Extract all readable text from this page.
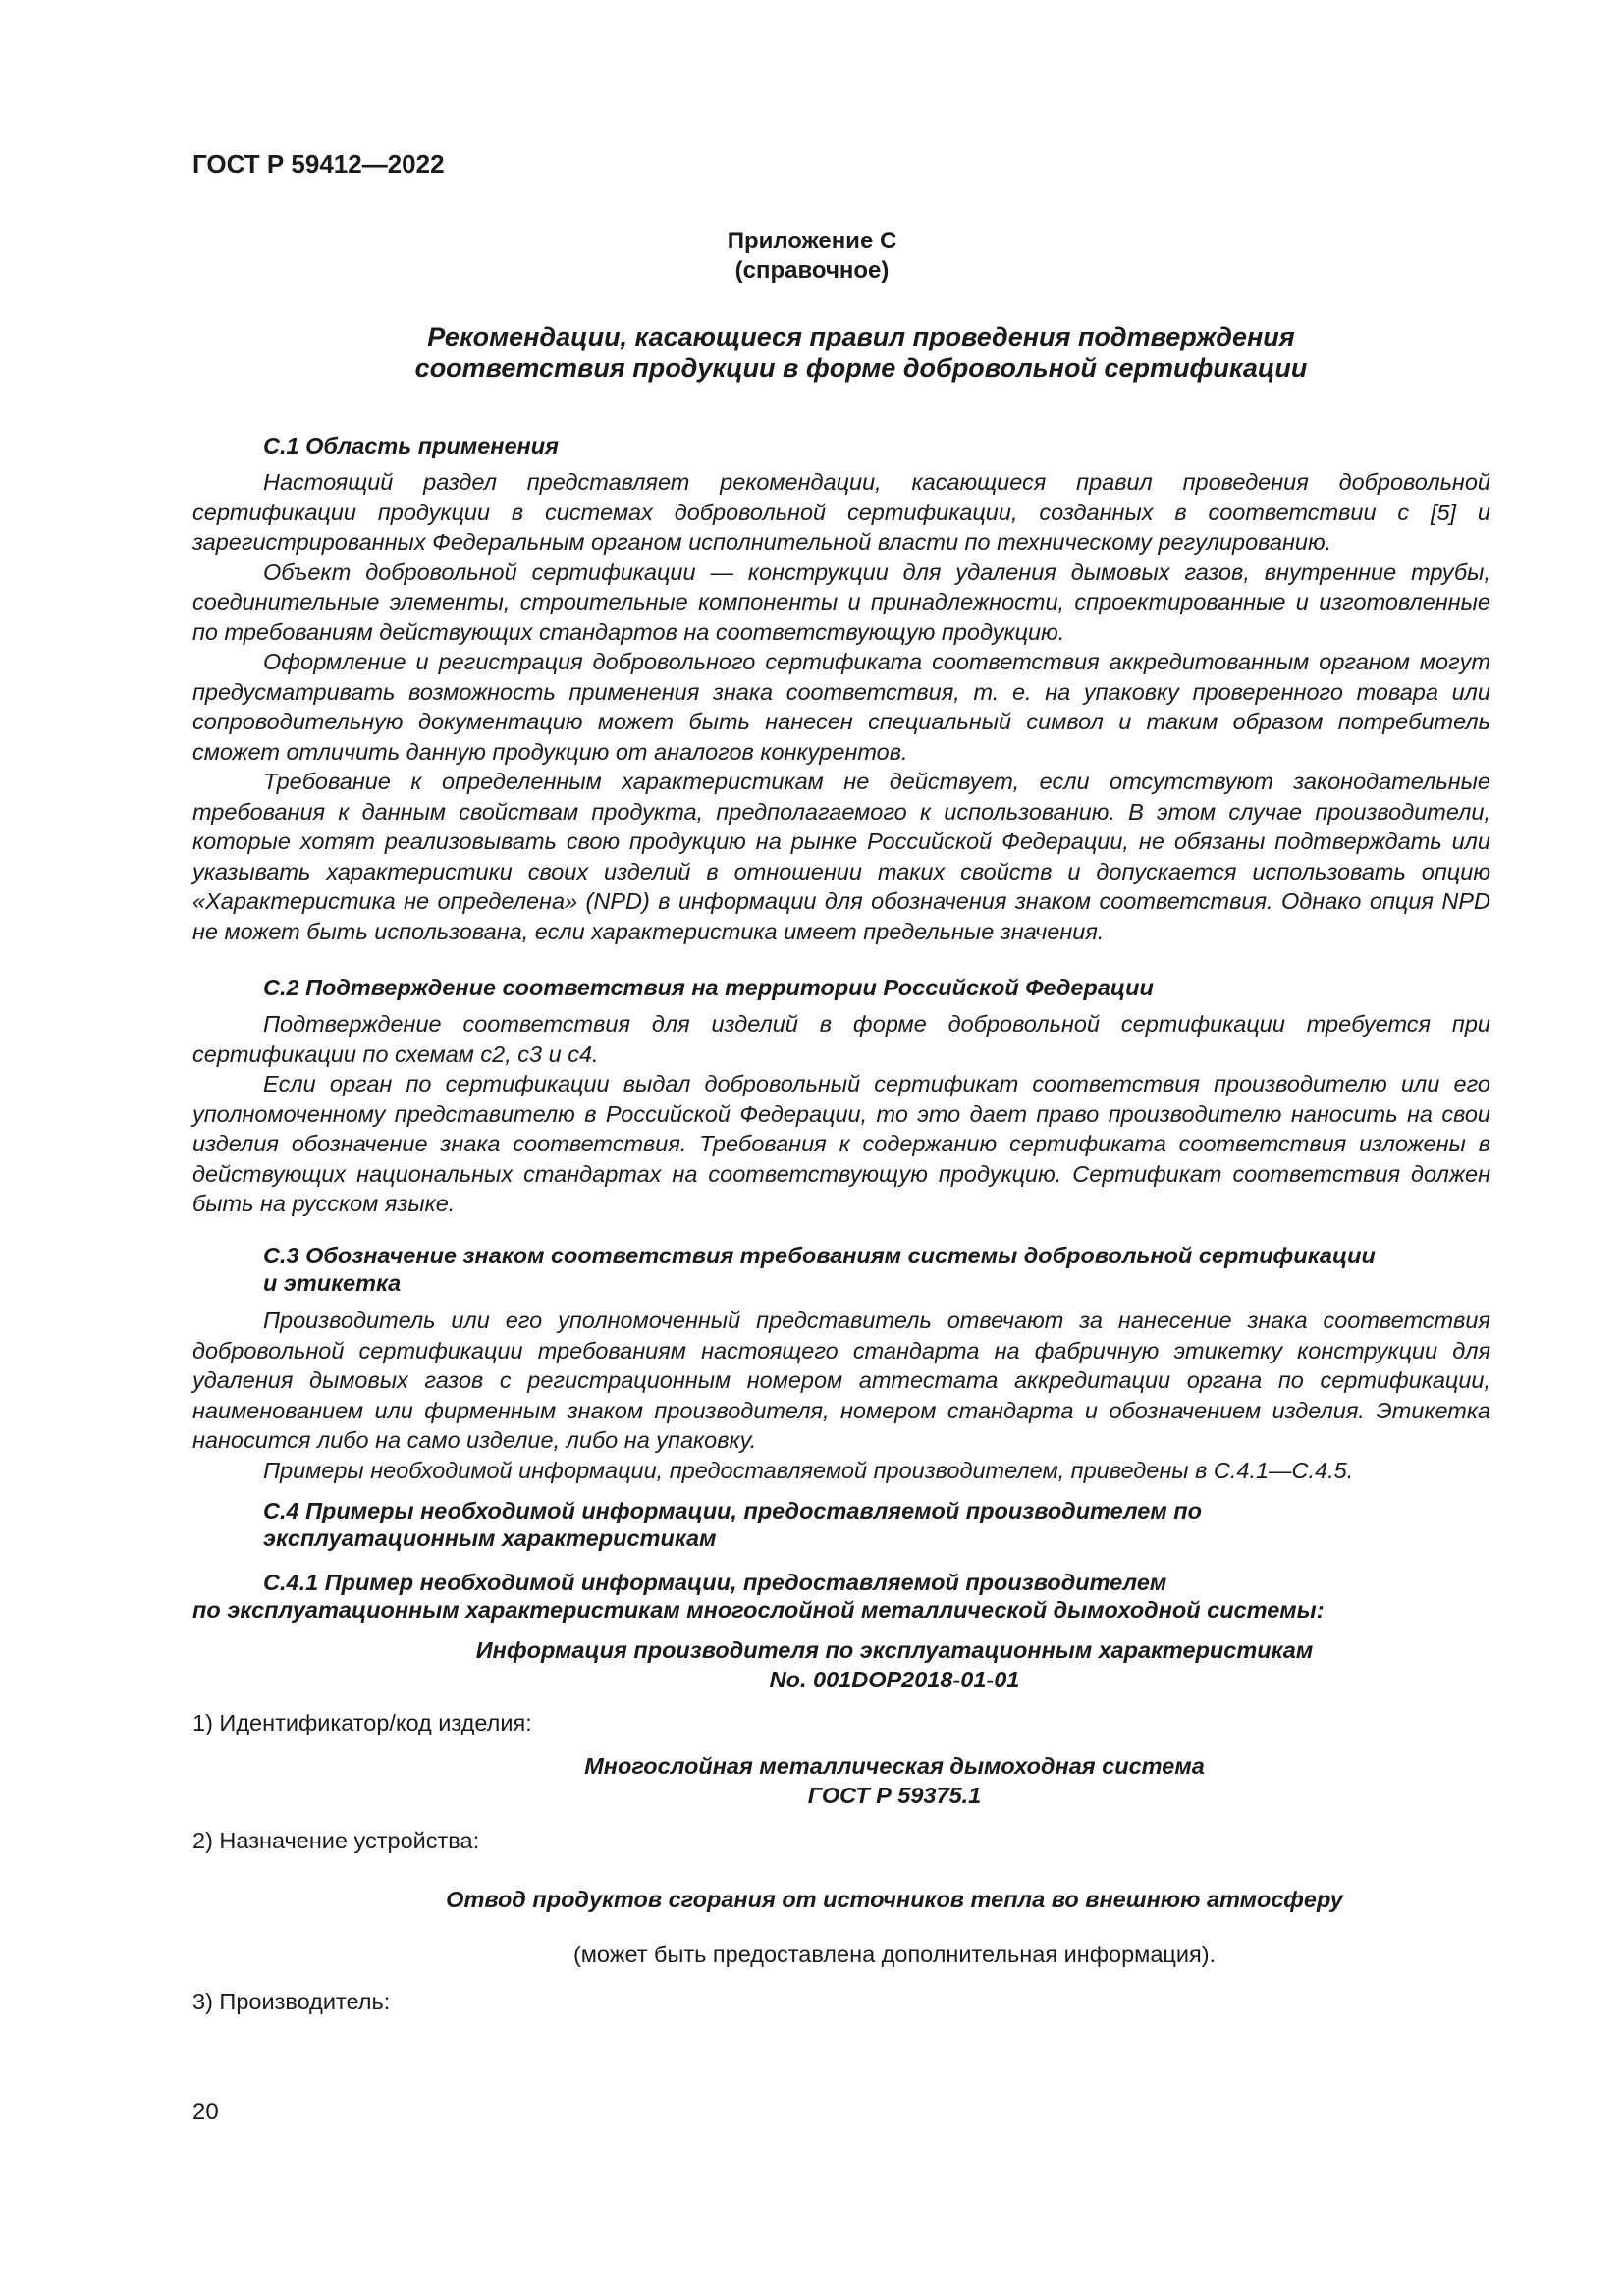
ГОСТ Р 59412—2022
Приложение С
(справочное)
Рекомендации, касающиеся правил проведения подтверждения
соответствия продукции в форме добровольной сертификации
С.1 Область применения

Настоящий раздел представляет рекомендации, касающиеся правил проведения добровольной сертификации продукции в системах добровольной сертификации, созданных в соответствии с [5] и зарегистрированных Федеральным органом исполнительной власти по техническому регулированию.

Объект добровольной сертификации — конструкции для удаления дымовых газов, внутренние трубы, соединительные элементы, строительные компоненты и принадлежности, спроектированные и изготовленные по требованиям действующих стандартов на соответствующую продукцию.

Оформление и регистрация добровольного сертификата соответствия аккредитованным органом могут предусматривать возможность применения знака соответствия, т. е. на упаковку проверенного товара или сопроводительную документацию может быть нанесен специальный символ и таким образом потребитель сможет отличить данную продукцию от аналогов конкурентов.

Требование к определенным характеристикам не действует, если отсутствуют законодательные требования к данным свойствам продукта, предполагаемого к использованию. В этом случае производители, которые хотят реализовывать свою продукцию на рынке Российской Федерации, не обязаны подтверждать или указывать характеристики своих изделий в отношении таких свойств и допускается использовать опцию «Характеристика не определена» (NPD) в информации для обозначения знаком соответствия. Однако опция NPD не может быть использована, если характеристика имеет предельные значения.

С.2 Подтверждение соответствия на территории Российской Федерации

Подтверждение соответствия для изделий в форме добровольной сертификации требуется при сертификации по схемам с2, с3 и с4.

Если орган по сертификации выдал добровольный сертификат соответствия производителю или его уполномоченному представителю в Российской Федерации, то это дает право производителю наносить на свои изделия обозначение знака соответствия. Требования к содержанию сертификата соответствия изложены в действующих национальных стандартах на соответствующую продукцию. Сертификат соответствия должен быть на русском языке.

С.3 Обозначение знаком соответствия требованиям системы добровольной сертификации
и этикетка

Производитель или его уполномоченный представитель отвечают за нанесение знака соответствия добровольной сертификации требованиям настоящего стандарта на фабричную этикетку конструкции для удаления дымовых газов с регистрационным номером аттестата аккредитации органа по сертификации, наименованием или фирменным знаком производителя, номером стандарта и обозначением изделия. Этикетка наносится либо на само изделие, либо на упаковку.

Примеры необходимой информации, предоставляемой производителем, приведены в С.4.1—С.4.5.

С.4 Примеры необходимой информации, предоставляемой производителем по
эксплуатационным характеристикам
С.4.1 Пример необходимой информации, предоставляемой производителем
по эксплуатационным характеристикам многослойной металлической дымоходной системы:
Информация производителя по эксплуатационным характеристикам
No. 001DOP2018-01-01
1) Идентификатор/код изделия:
Многослойная металлическая дымоходная система
ГОСТ Р 59375.1
2) Назначение устройства:
Отвод продуктов сгорания от источников тепла во внешнюю атмосферу
(может быть предоставлена дополнительная информация).
3) Производитель:
20
